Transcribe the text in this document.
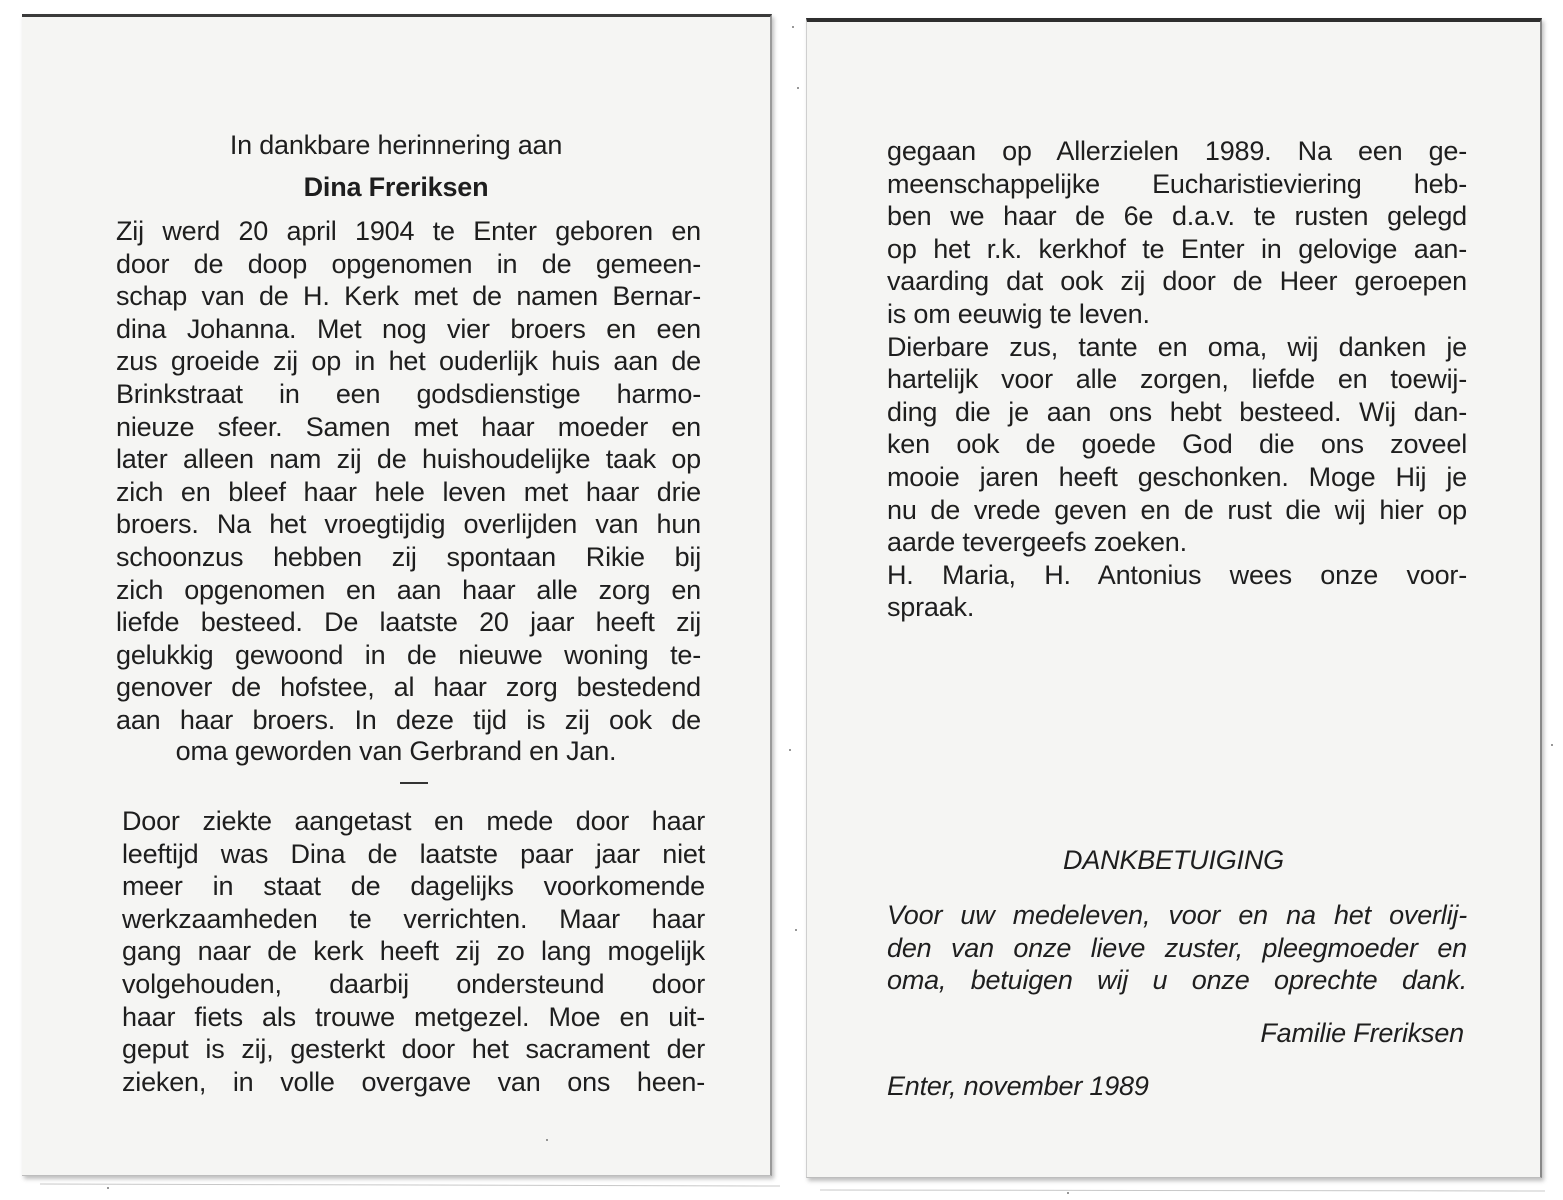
In dankbare herinnering aan
Dina Freriksen
Zij werd 20 april 1904 te Enter geboren en
door de doop opgenomen in de gemeen-
schap van de H. Kerk met de namen Bernar-
dina Johanna. Met nog vier broers en een
zus groeide zij op in het ouderlijk huis aan de
Brinkstraat in een godsdienstige harmo-
nieuze sfeer. Samen met haar moeder en
later alleen nam zij de huishoudelijke taak op
zich en bleef haar hele leven met haar drie
broers. Na het vroegtijdig overlijden van hun
schoonzus hebben zij spontaan Rikie bij
zich opgenomen en aan haar alle zorg en
liefde besteed. De laatste 20 jaar heeft zij
gelukkig gewoond in de nieuwe woning te-
genover de hofstee, al haar zorg bestedend
aan haar broers. In deze tijd is zij ook de
oma geworden van Gerbrand en Jan.
Door ziekte aangetast en mede door haar
leeftijd was Dina de laatste paar jaar niet
meer in staat de dagelijks voorkomende
werkzaamheden te verrichten. Maar haar
gang naar de kerk heeft zij zo lang mogelijk
volgehouden, daarbij ondersteund door
haar fiets als trouwe metgezel. Moe en uit-
geput is zij, gesterkt door het sacrament der
zieken, in volle overgave van ons heen-
gegaan op Allerzielen 1989. Na een ge-
meenschappelijke Eucharistieviering heb-
ben we haar de 6e d.a.v. te rusten gelegd
op het r.k. kerkhof te Enter in gelovige aan-
vaarding dat ook zij door de Heer geroepen
is om eeuwig te leven.
Dierbare zus, tante en oma, wij danken je
hartelijk voor alle zorgen, liefde en toewij-
ding die je aan ons hebt besteed. Wij dan-
ken ook de goede God die ons zoveel
mooie jaren heeft geschonken. Moge Hij je
nu de vrede geven en de rust die wij hier op
aarde tevergeefs zoeken.
H. Maria, H. Antonius wees onze voor-
spraak.
DANKBETUIGING
Voor uw medeleven, voor en na het overlij-
den van onze lieve zuster, pleegmoeder en
oma, betuigen wij u onze oprechte dank.
Familie Freriksen
Enter, november 1989
